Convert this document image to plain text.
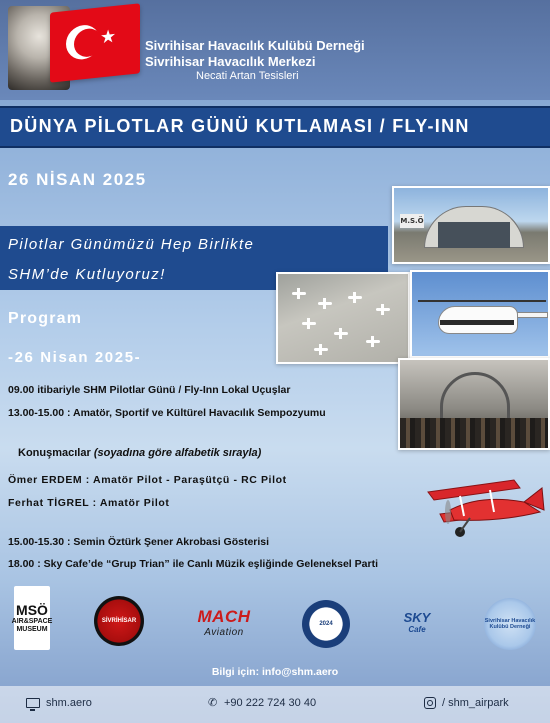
★ Sivrihisar Havacılık Kulübü Derneği
Sivrihisar Havacılık Merkezi
Necati Artan Tesisleri
DÜNYA PİLOTLAR GÜNÜ KUTLAMASI / FLY-INN
26 NİSAN 2025
Pilotlar Günümüzü Hep Birlikte
SHM’de Kutluyoruz!
M.S.Ö
Program
-26 Nisan 2025-
09.00 itibariyle SHM Pilotlar Günü / Fly-Inn Lokal Uçuşlar
13.00-15.00 : Amatör, Sportif ve Kültürel Havacılık Sempozyumu
Konuşmacılar (soyadına göre alfabetik sırayla)
Ömer ERDEM : Amatör Pilot - Paraşütçü - RC Pilot
Ferhat TİGREL : Amatör Pilot
15.00-15.30 : Semin Öztürk Şener Akrobasi Gösterisi
18.00 : Sky Cafe’de “Grup Trian” ile Canlı Müzik eşliğinde Geleneksel Parti
MSÖ
AIR&SPACE MUSEUM
SİVRİHİSAR	MACH
Aviation
2024	SKY
Cafe
Sivrihisar Havacılık Kulübü Derneği
Bilgi için: info@shm.aero
shm.aero	✆ +90 222 724 30 40	/ shm_airpark
